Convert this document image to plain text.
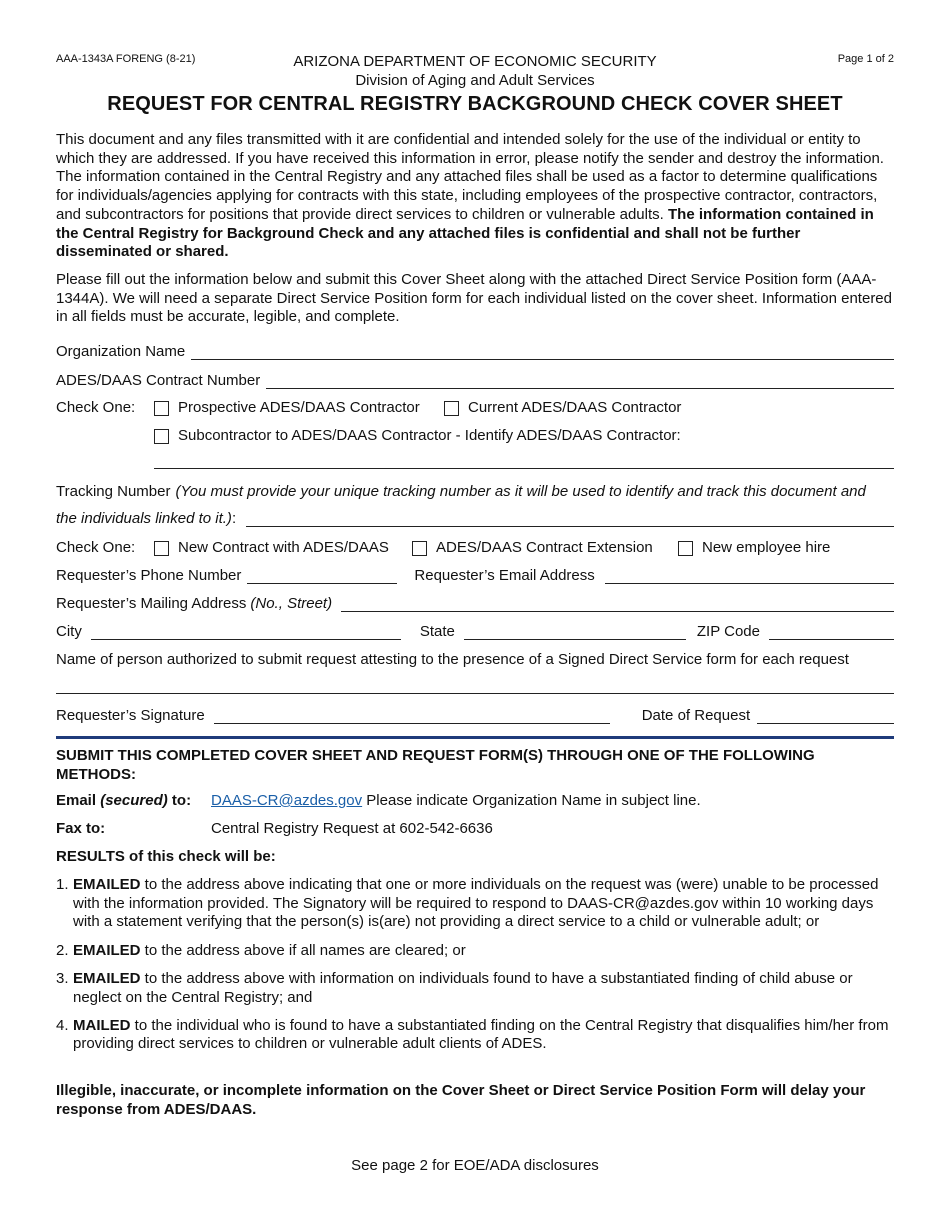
AAA-1343A FORENG (8-21)	Page 1 of 2
ARIZONA DEPARTMENT OF ECONOMIC SECURITY
Division of Aging and Adult Services
REQUEST FOR CENTRAL REGISTRY BACKGROUND CHECK COVER SHEET

This document and any files transmitted with it are confidential and intended solely for the use of the individual or entity to which they are addressed. If you have received this information in error, please notify the sender and destroy the information. The information contained in the Central Registry and any attached files shall be used as a factor to determine qualifications for individuals/agencies applying for contracts with this state, including employees of the prospective contractor, contractors, and subcontractors for positions that provide direct services to children or vulnerable adults. The information contained in the Central Registry for Background Check and any attached files is confidential and shall not be further disseminated or shared.

Please fill out the information below and submit this Cover Sheet along with the attached Direct Service Position form (AAA-1344A). We will need a separate Direct Service Position form for each individual listed on the cover sheet. Information entered in all fields must be accurate, legible, and complete.

Organization Name
ADES/DAAS Contract Number
Check One:	Prospective ADES/DAAS Contractor	Current ADES/DAAS Contractor
Subcontractor to ADES/DAAS Contractor - Identify ADES/DAAS Contractor:
Tracking Number (You must provide your unique tracking number as it will be used to identify and track this document and
the individuals linked to it.) :
Check One:	New Contract with ADES/DAAS	ADES/DAAS Contract Extension	New employee hire
Requester’s Phone Number	Requester’s Email Address
Requester’s Mailing Address (No., Street)
City	State	ZIP Code
Name of person authorized to submit request attesting to the presence of a Signed Direct Service form for each request
Requester’s Signature	Date of Request
SUBMIT THIS COMPLETED COVER SHEET AND REQUEST FORM(S) THROUGH ONE OF THE FOLLOWING METHODS:
Email (secured) to: DAAS-CR@azdes.gov Please indicate Organization Name in subject line.
Fax to:	Central Registry Request at 602-542-6636
RESULTS of this check will be:
1. EMAILED to the address above indicating that one or more individuals on the request was (were) unable to be processed with the information provided. The Signatory will be required to respond to DAAS-CR@azdes.gov within 10 working days with a statement verifying that the person(s) is(are) not providing a direct service to a child or vulnerable adult; or
2. EMAILED to the address above if all names are cleared; or
3. EMAILED to the address above with information on individuals found to have a substantiated finding of child abuse or neglect on the Central Registry; and
4. MAILED to the individual who is found to have a substantiated finding on the Central Registry that disqualifies him/her from providing direct services to children or vulnerable adult clients of ADES.
Illegible, inaccurate, or incomplete information on the Cover Sheet or Direct Service Position Form will delay your response from ADES/DAAS.
See page 2 for EOE/ADA disclosures
